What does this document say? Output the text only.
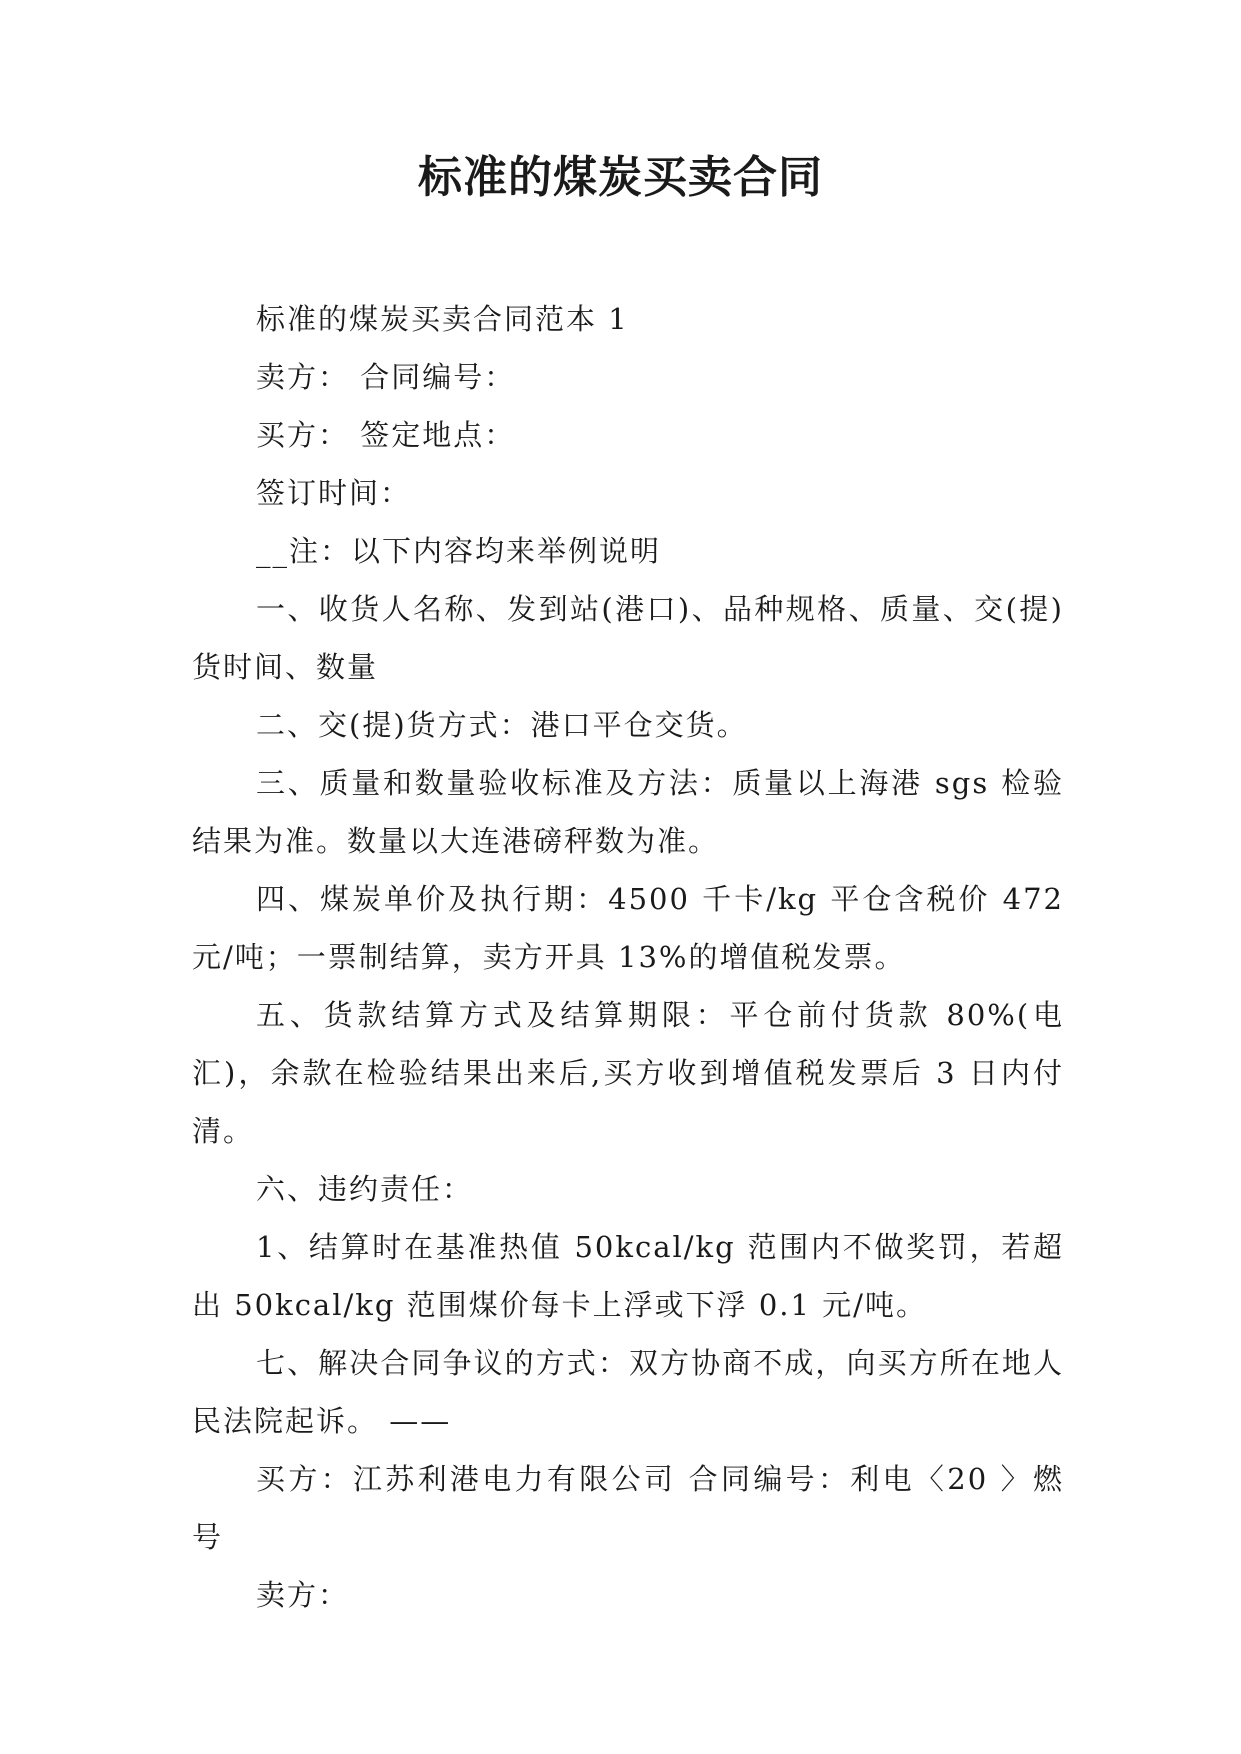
标准的煤炭买卖合同

标准的煤炭买卖合同范本 1

卖方： 合同编号：

买方： 签定地点：

签订时间：

__注：以下内容均来举例说明

一、收货人名称、发到站(港口)、品种规格、质量、交(提)货时间、数量

二、交(提)货方式：港口平仓交货。

三、质量和数量验收标准及方法：质量以上海港 sgs 检验结果为准。数量以大连港磅秤数为准。

四、煤炭单价及执行期：4500 千卡/kg 平仓含税价 472 元/吨；一票制结算，卖方开具 13%的增值税发票。

五、货款结算方式及结算期限：平仓前付货款 80%(电汇)，余款在检验结果出来后,买方收到增值税发票后 3 日内付清。

六、违约责任：

1、结算时在基准热值 50kcal/kg 范围内不做奖罚，若超出 50kcal/kg 范围煤价每卡上浮或下浮 0.1 元/吨。

七、解决合同争议的方式：双方协商不成，向买方所在地人民法院起诉。 ——

买方：江苏利港电力有限公司 合同编号：利电〈20 〉燃 号

卖方：
